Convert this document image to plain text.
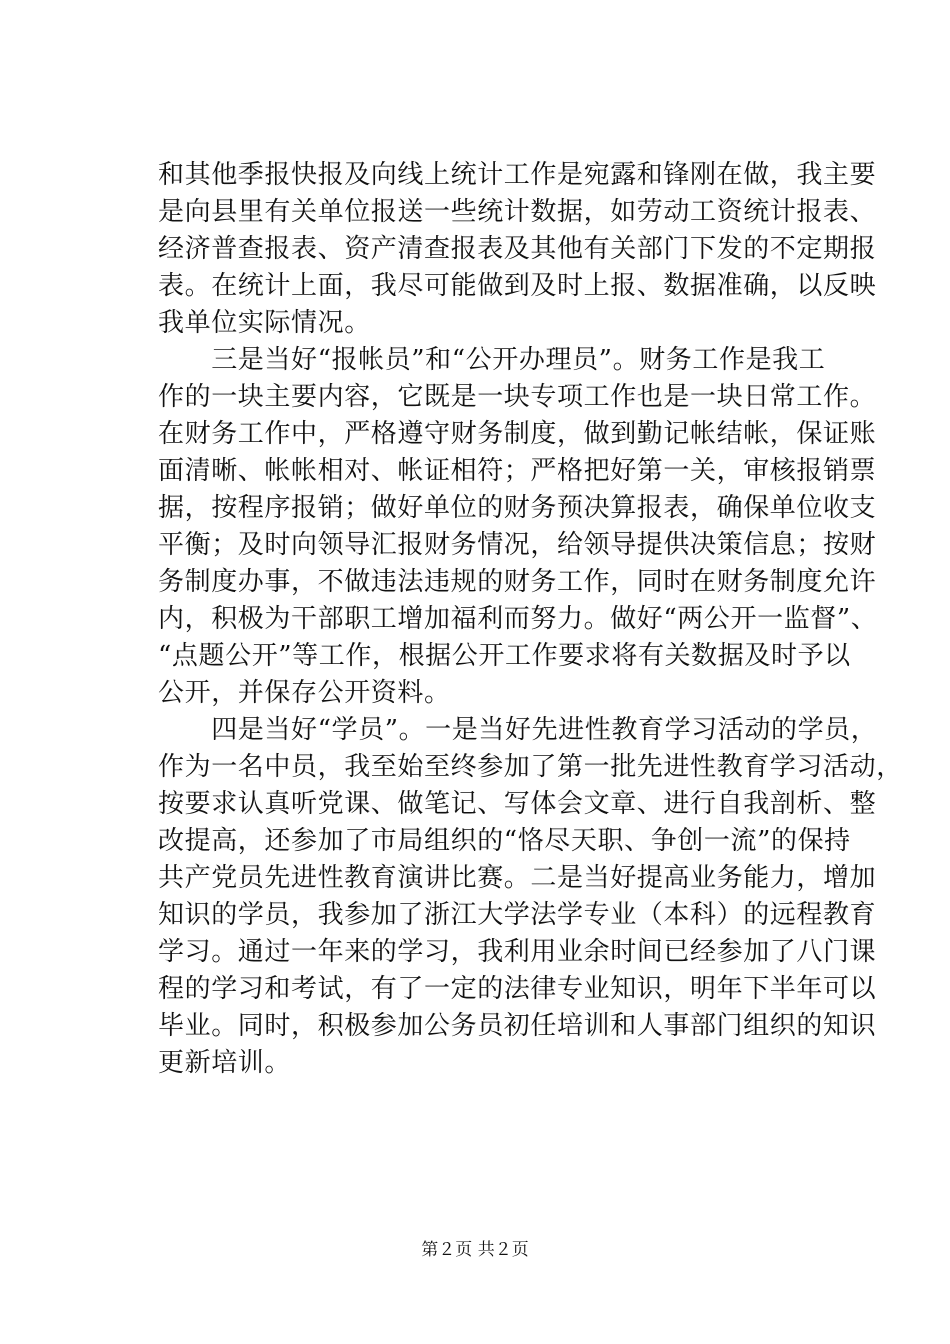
和其他季报快报及向线上统计工作是宛露和锋刚在做，我主要
是向县里有关单位报送一些统计数据，如劳动工资统计报表、
经济普查报表、资产清查报表及其他有关部门下发的不定期报
表。在统计上面，我尽可能做到及时上报、数据准确，以反映
我单位实际情况。
　　三是当好“报帐员”和“公开办理员”。财务工作是我工
作的一块主要内容，它既是一块专项工作也是一块日常工作。
在财务工作中，严格遵守财务制度，做到勤记帐结帐，保证账
面清晰、帐帐相对、帐证相符；严格把好第一关，审核报销票
据，按程序报销；做好单位的财务预决算报表，确保单位收支
平衡；及时向领导汇报财务情况，给领导提供决策信息；按财
务制度办事，不做违法违规的财务工作，同时在财务制度允许
内，积极为干部职工增加福利而努力。做好“两公开一监督”、
“点题公开”等工作，根据公开工作要求将有关数据及时予以
公开，并保存公开资料。
　　四是当好“学员”。一是当好先进性教育学习活动的学员，
作为一名中员，我至始至终参加了第一批先进性教育学习活动，
按要求认真听党课、做笔记、写体会文章、进行自我剖析、整
改提高，还参加了市局组织的“恪尽天职、争创一流”的保持
共产党员先进性教育演讲比赛。二是当好提高业务能力，增加
知识的学员，我参加了浙江大学法学专业（本科）的远程教育
学习。通过一年来的学习，我利用业余时间已经参加了八门课
程的学习和考试，有了一定的法律专业知识，明年下半年可以
毕业。同时，积极参加公务员初任培训和人事部门组织的知识
更新培训。
第２页 共２页
